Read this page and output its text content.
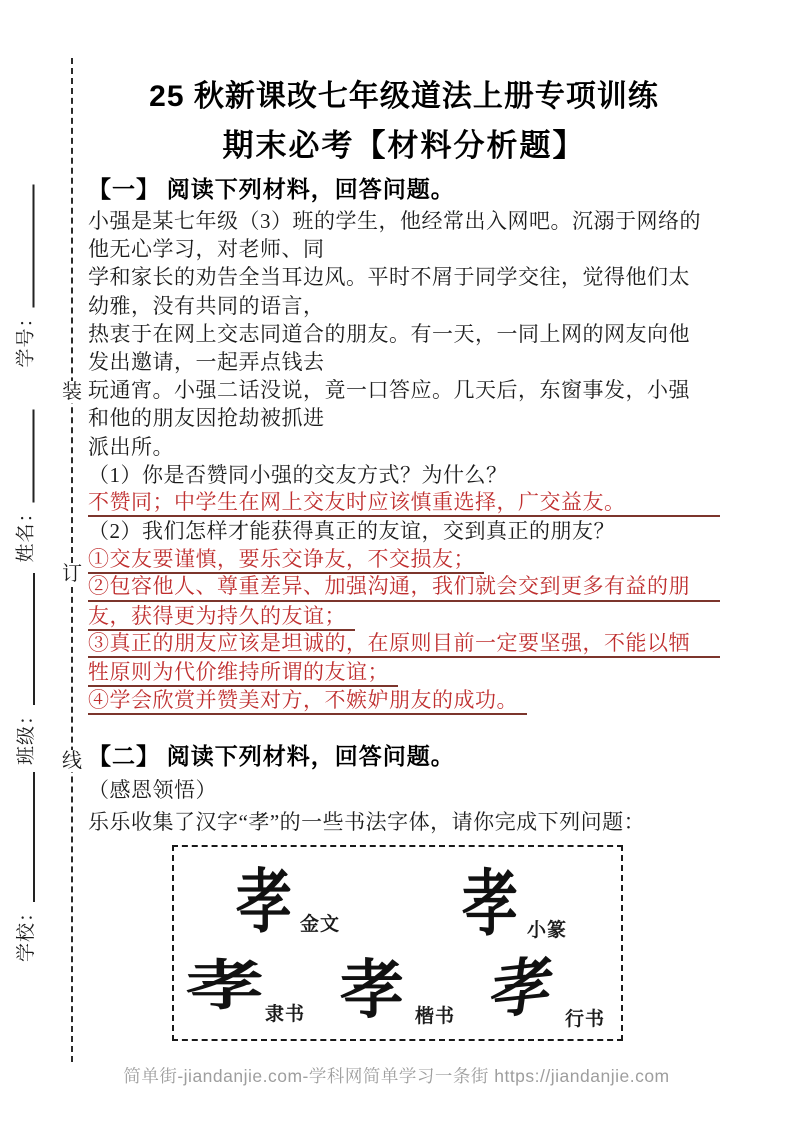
装
订
线
学号：
姓名：
班级：
学校：
25 秋新课改七年级道法上册专项训练
期末必考【材料分析题】
【一】 阅读下列材料，回答问题。
小强是某七年级（3）班的学生，他经常出入网吧。沉溺于网络的
他无心学习，对老师、同
学和家长的劝告全当耳边风。平时不屑于同学交往，觉得他们太
幼雅，没有共同的语言，
热衷于在网上交志同道合的朋友。有一天，一同上网的网友向他
发出邀请，一起弄点钱去
玩通宵。小强二话没说，竟一口答应。几天后，东窗事发，小强
和他的朋友因抢劫被抓进
派出所。
（1）你是否赞同小强的交友方式？为什么？
不赞同；中学生在网上交友时应该慎重选择，广交益友。
（2）我们怎样才能获得真正的友谊，交到真正的朋友？
①交友要谨慎，要乐交诤友，不交损友；
②包容他人、尊重差异、加强沟通，我们就会交到更多有益的朋
友，获得更为持久的友谊；
③真正的朋友应该是坦诚的，在原则目前一定要坚强，不能以牺
牲原则为代价维持所谓的友谊；
④学会欣赏并赞美对方，不嫉妒朋友的成功。
【二】 阅读下列材料，回答问题。
（感恩领悟）
乐乐收集了汉字“孝”的一些书法字体，请你完成下列问题：
孝 金文 孝 小篆
孝 隶书 孝 楷书 孝 行书
简单街-jiandanjie.com-学科网简单学习一条街 https://jiandanjie.com
